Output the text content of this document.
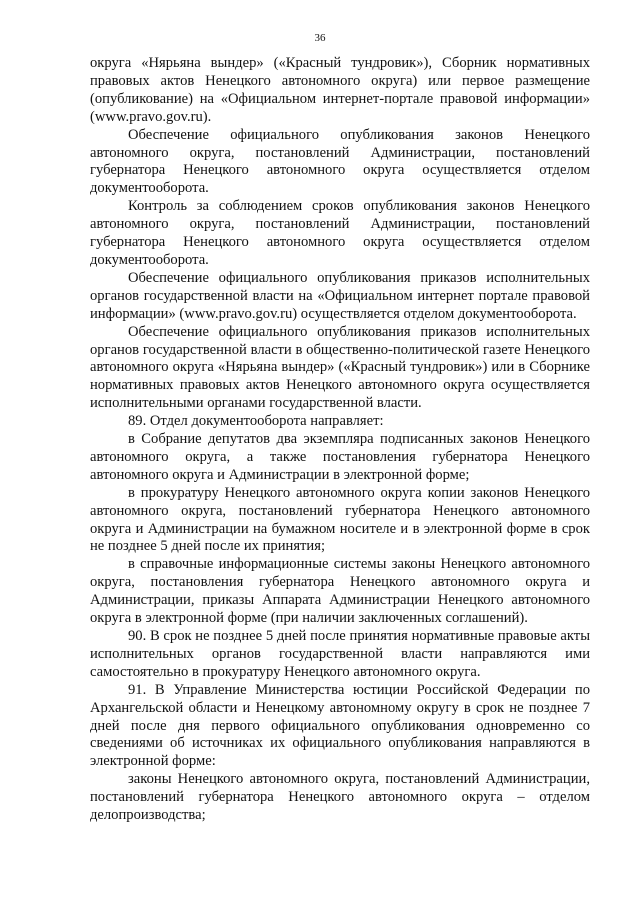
36

округа «Нярьяна вындер» («Красный тундровик»), Сборник нормативных правовых актов Ненецкого автономного округа) или первое размещение (опубликование) на «Официальном интернет-портале правовой информации» (www.pravo.gov.ru).

Обеспечение официального опубликования законов Ненецкого автономного округа, постановлений Администрации, постановлений губернатора Ненецкого автономного округа осуществляется отделом документооборота.

Контроль за соблюдением сроков опубликования законов Ненецкого автономного округа, постановлений Администрации, постановлений губернатора Ненецкого автономного округа осуществляется отделом документооборота.

Обеспечение официального опубликования приказов исполнительных органов государственной власти на «Официальном интернет портале правовой информации» (www.pravo.gov.ru) осуществляется отделом документооборота.

Обеспечение официального опубликования приказов исполнительных органов государственной власти в общественно-политической газете Ненецкого автономного округа «Нярьяна вындер» («Красный тундровик») или в Сборнике нормативных правовых актов Ненецкого автономного округа осуществляется исполнительными органами государственной власти.

89. Отдел документооборота направляет:

в Собрание депутатов два экземпляра подписанных законов Ненецкого автономного округа, а также постановления губернатора Ненецкого автономного округа и Администрации в электронной форме;

в прокуратуру Ненецкого автономного округа копии законов Ненецкого автономного округа, постановлений губернатора Ненецкого автономного округа и Администрации на бумажном носителе и в электронной форме в срок не позднее 5 дней после их принятия;

в справочные информационные системы законы Ненецкого автономного округа, постановления губернатора Ненецкого автономного округа и Администрации, приказы Аппарата Администрации Ненецкого автономного округа в электронной форме (при наличии заключенных соглашений).

90. В срок не позднее 5 дней после принятия нормативные правовые акты исполнительных органов государственной власти направляются ими самостоятельно в прокуратуру Ненецкого автономного округа.

91. В Управление Министерства юстиции Российской Федерации по Архангельской области и Ненецкому автономному округу в срок не позднее 7 дней после дня первого официального опубликования одновременно со сведениями об источниках их официального опубликования направляются в электронной форме:

законы Ненецкого автономного округа, постановлений Администрации, постановлений губернатора Ненецкого автономного округа – отделом делопроизводства;
